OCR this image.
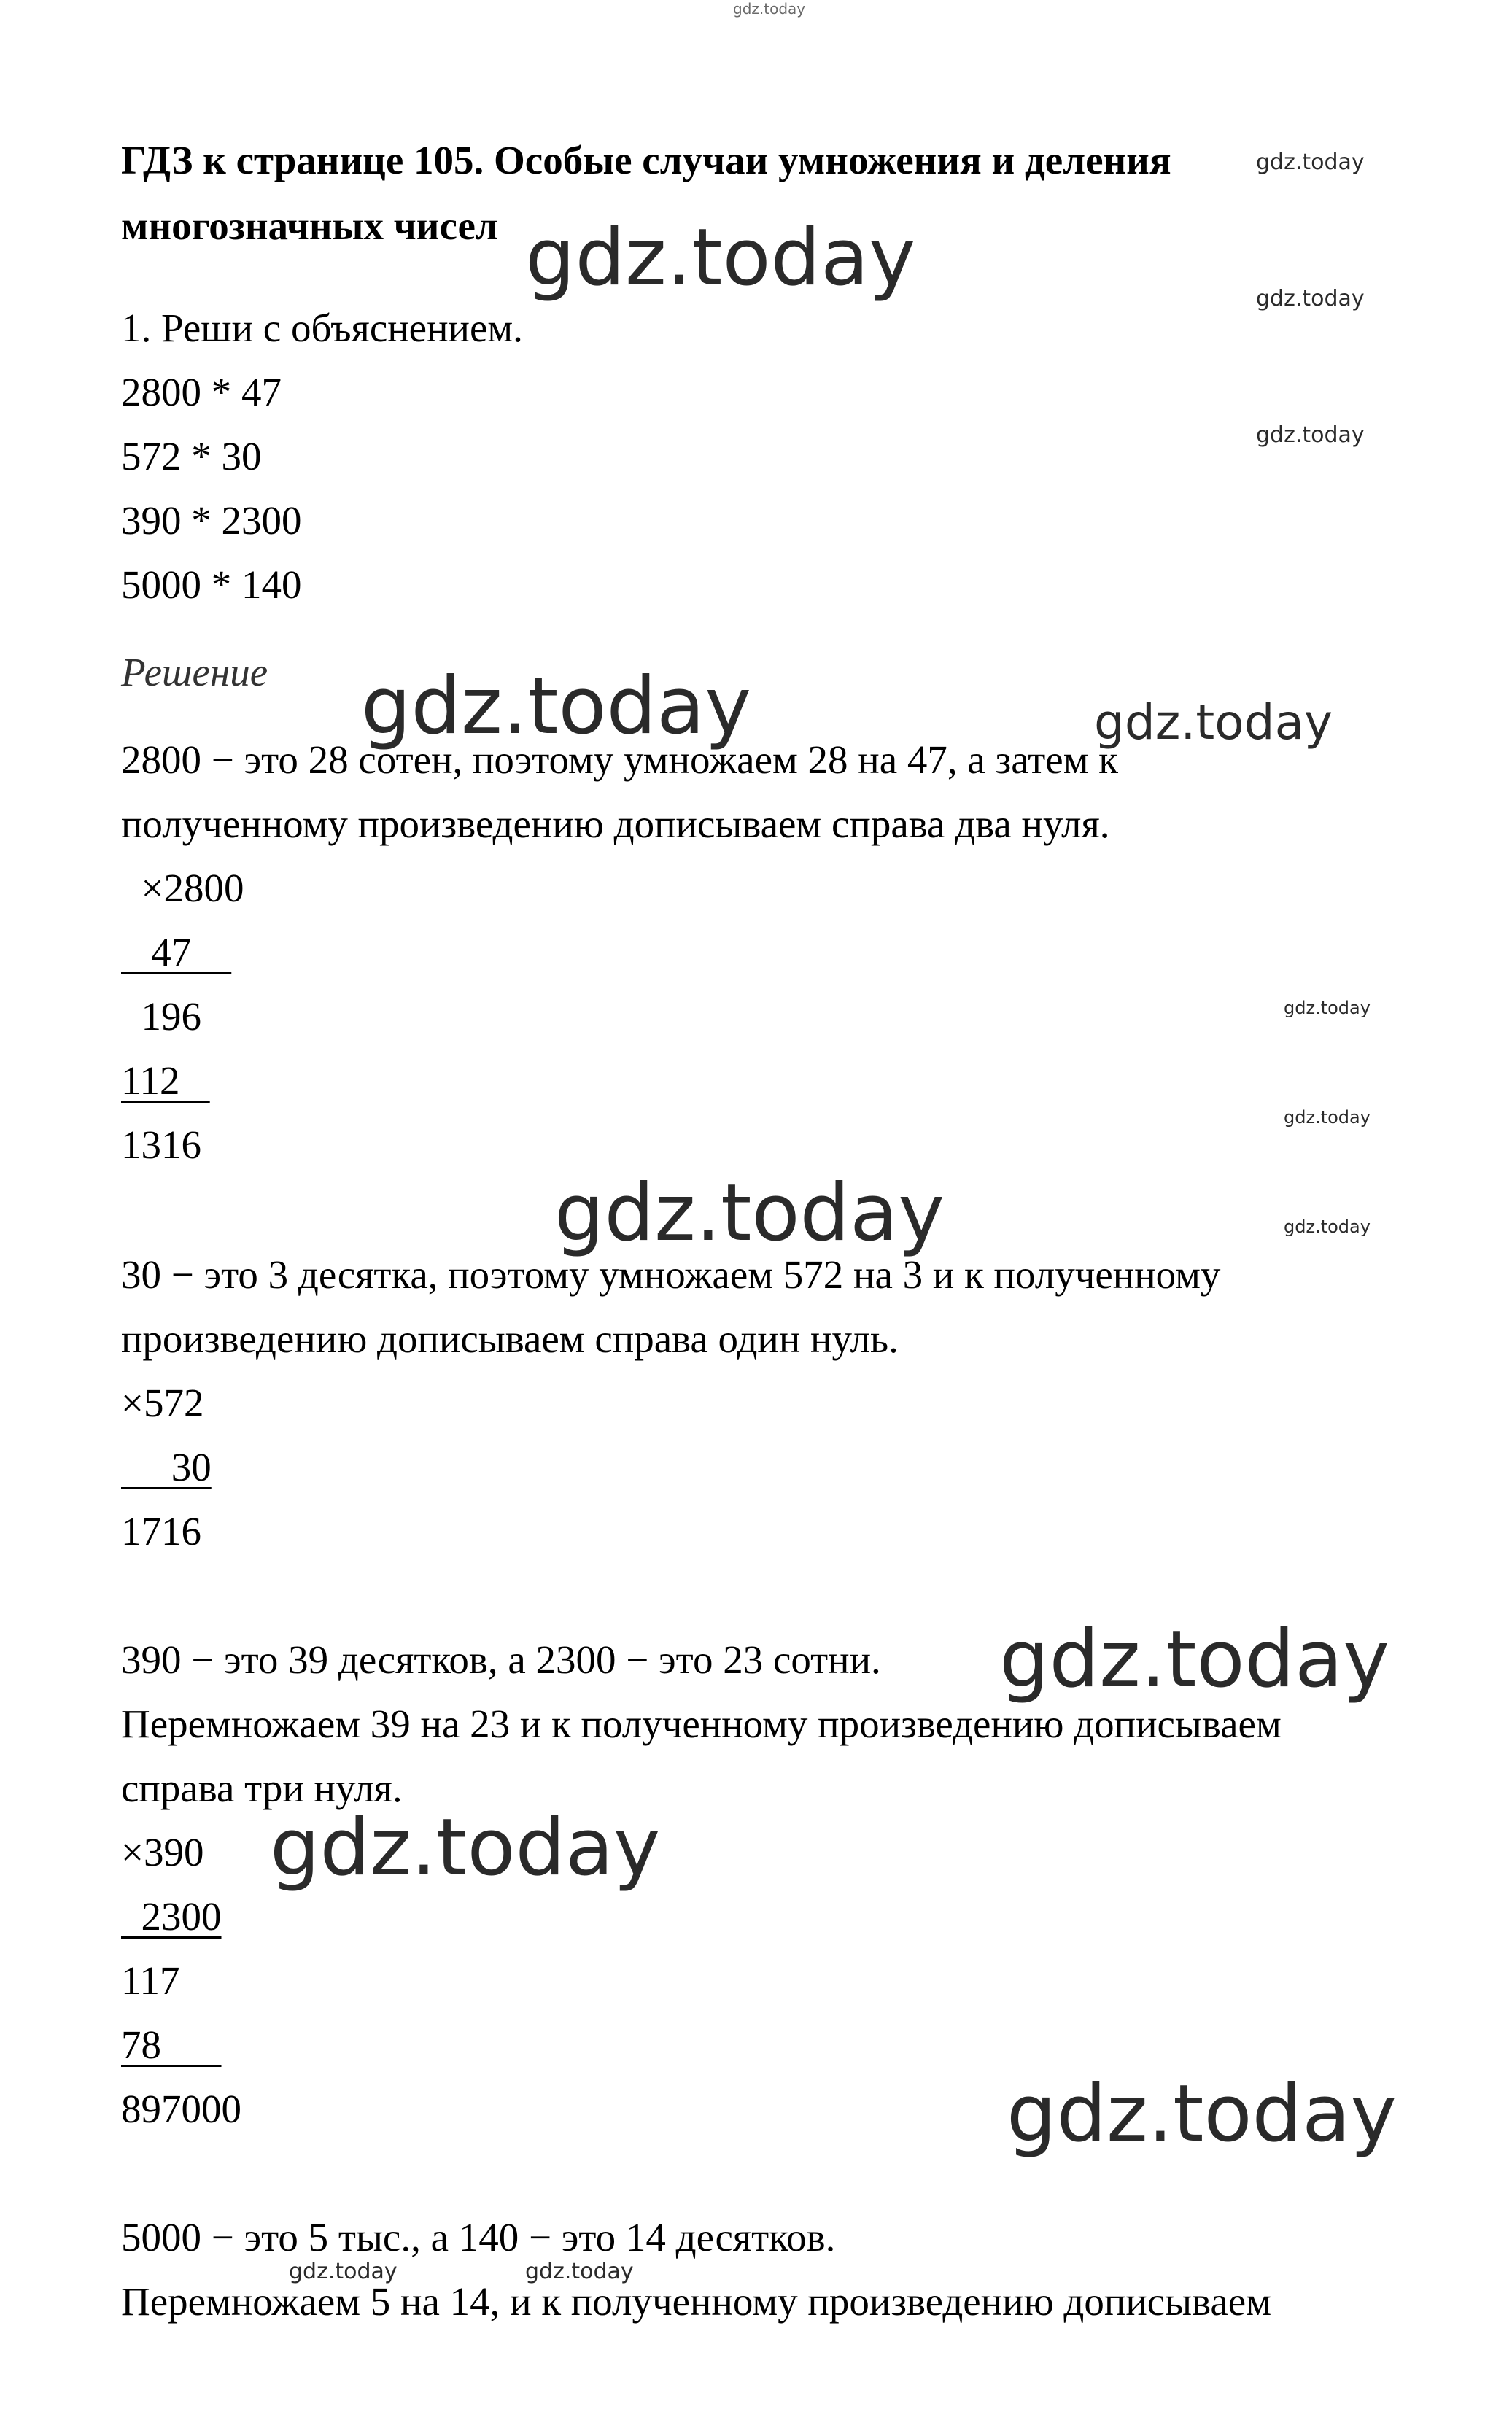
gdz.today

ГДЗ к странице 105. Особые случаи умножения и деления

многозначных чисел

1. Реши с объяснением.

2800 * 47

572 * 30

390 * 2300

5000 * 140

Решение

2800 − это 28 сотен, поэтому умножаем 28 на 47, а затем к

полученному произведению дописываем справа два нуля.

×2800

47

196

112

1316

30 − это 3 десятка, поэтому умножаем 572 на 3 и к полученному

произведению дописываем справа один нуль.

×572

30

1716

390 − это 39 десятков, а 2300 − это 23 сотни.

Перемножаем 39 на 23 и к полученному произведению дописываем

справа три нуля.

×390

2300

117

78

897000

5000 − это 5 тыс., а 140 − это 14 десятков.

Перемножаем 5 на 14, и к полученному произведению дописываем

gdz.today
gdz.today	gdz.today
gdz.today
gdz.today	gdz.today
gdz.today
gdz.today
gdz.today	gdz.today
gdz.today
gdz.today
gdz.today
gdz.today	gdz.today
